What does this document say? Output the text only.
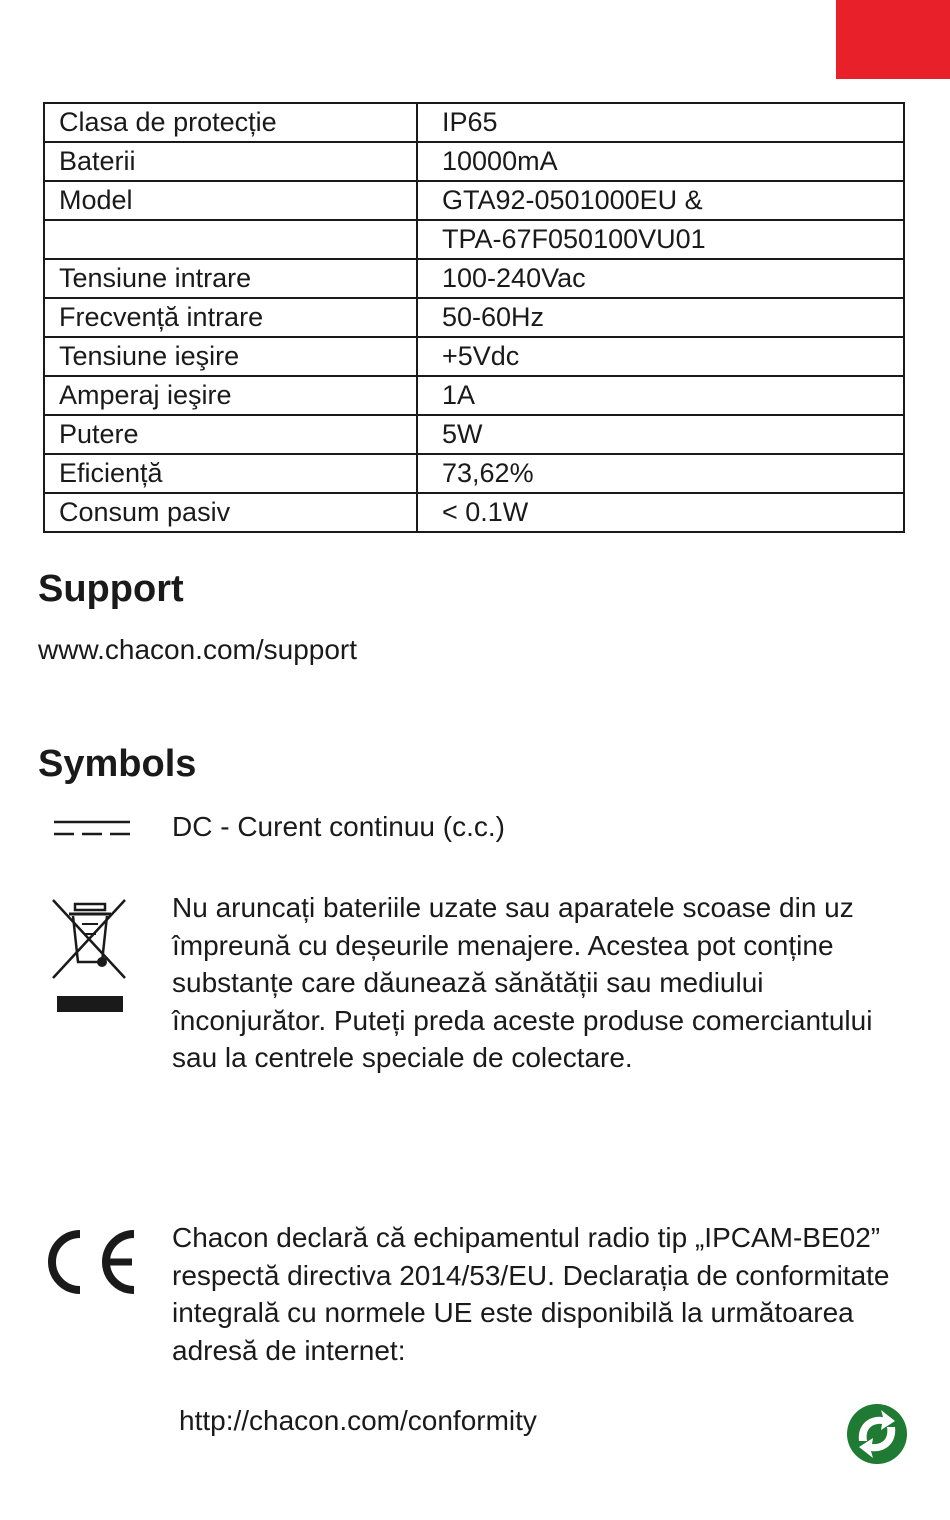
Clasa de protecție	IP65
Baterii	10000mA
Model	GTA92-0501000EU &
	TPA-67F050100VU01
Tensiune intrare	100-240Vac
Frecvență intrare	50-60Hz
Tensiune ieşire	+5Vdc
Amperaj ieşire	1A
Putere	5W
Eficiență	73,62%
Consum pasiv	< 0.1W
Support
www.chacon.com/support
Symbols

DC - Curent continuu (c.c.)

Nu aruncați bateriile uzate sau aparatele scoase din uz împreună cu deșeurile menajere. Acestea pot conține substanțe care dăunează sănătății sau mediului înconjurător. Puteți preda aceste produse comerciantului sau la centrele speciale de colectare.

Chacon declară că echipamentul radio tip „IPCAM-BE02” respectă directiva 2014/53/EU. Declarația de conformitate integrală cu normele UE este disponibilă la următoarea adresă de internet:

http://chacon.com/conformity
